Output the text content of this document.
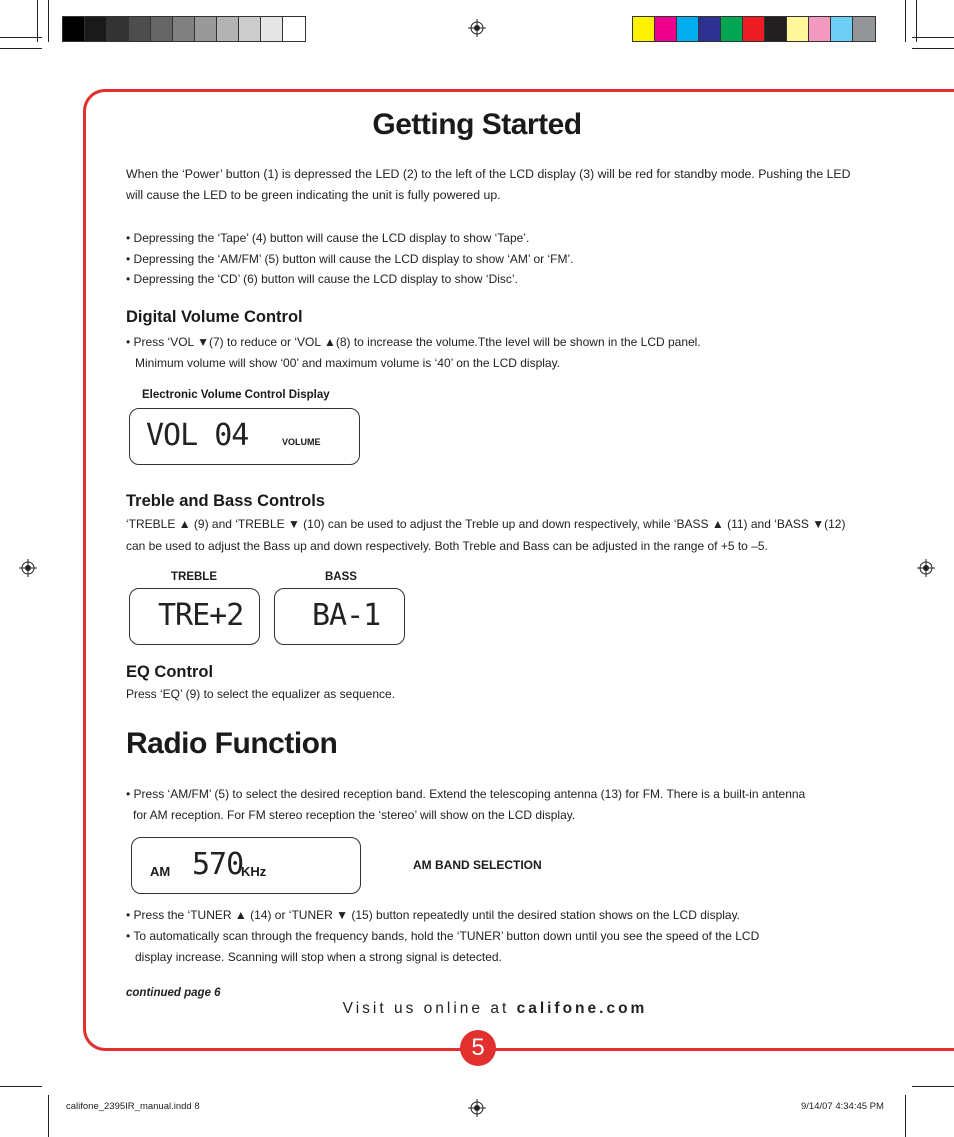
Getting Started
When the ‘Power’ button (1) is depressed the LED (2) to the left of the LCD display (3) will be red for standby mode. Pushing the LED
will cause the LED to be green indicating the unit is fully powered up.
• Depressing the ‘Tape’ (4) button will cause the LCD display to show ‘Tape’.
• Depressing the ‘AM/FM’ (5) button will cause the LCD display to show ‘AM’ or ‘FM’.
• Depressing the ‘CD’ (6) button will cause the LCD display to show ‘Disc’.
Digital Volume Control
• Press ‘VOL ▼ (7) to reduce or ‘VOL ▲ (8) to increase the volume.Tthe level will be shown in the LCD panel.
Minimum volume will show ‘00’ and maximum volume is ‘40’ on the LCD display.
Electronic Volume Control Display
VOL 04	VOLUME
Treble and Bass Controls
‘TREBLE ▲ (9) and ‘TREBLE ▼ (10) can be used to adjust the Treble up and down respectively, while ‘BASS ▲ (11) and ‘BASS ▼ (12)
can be used to adjust the Bass up and down respectively. Both Treble and Bass can be adjusted in the range of +5 to –5.
TREBLE	BASS
TRE+2 BA-1
EQ Control
Press ‘EQ’ (9) to select the equalizer as sequence.
Radio Function
• Press ‘AM/FM’ (5) to select the desired reception band. Extend the telescoping antenna (13) for FM. There is a built-in antenna
for AM reception. For FM stereo reception the ‘stereo’ will show on the LCD display.
AM 570
KHz	AM BAND SELECTION
• Press the ‘TUNER ▲ (14) or ‘TUNER ▼ (15) button repeatedly until the desired station shows on the LCD display.
• To automatically scan through the frequency bands, hold the ‘TUNER’ button down until you see the speed of the LCD
display increase. Scanning will stop when a strong signal is detected.
continued page 6
Visit us online at califone.com
5
califone_2395IR_manual.indd 8	9/14/07 4:34:45 PM
